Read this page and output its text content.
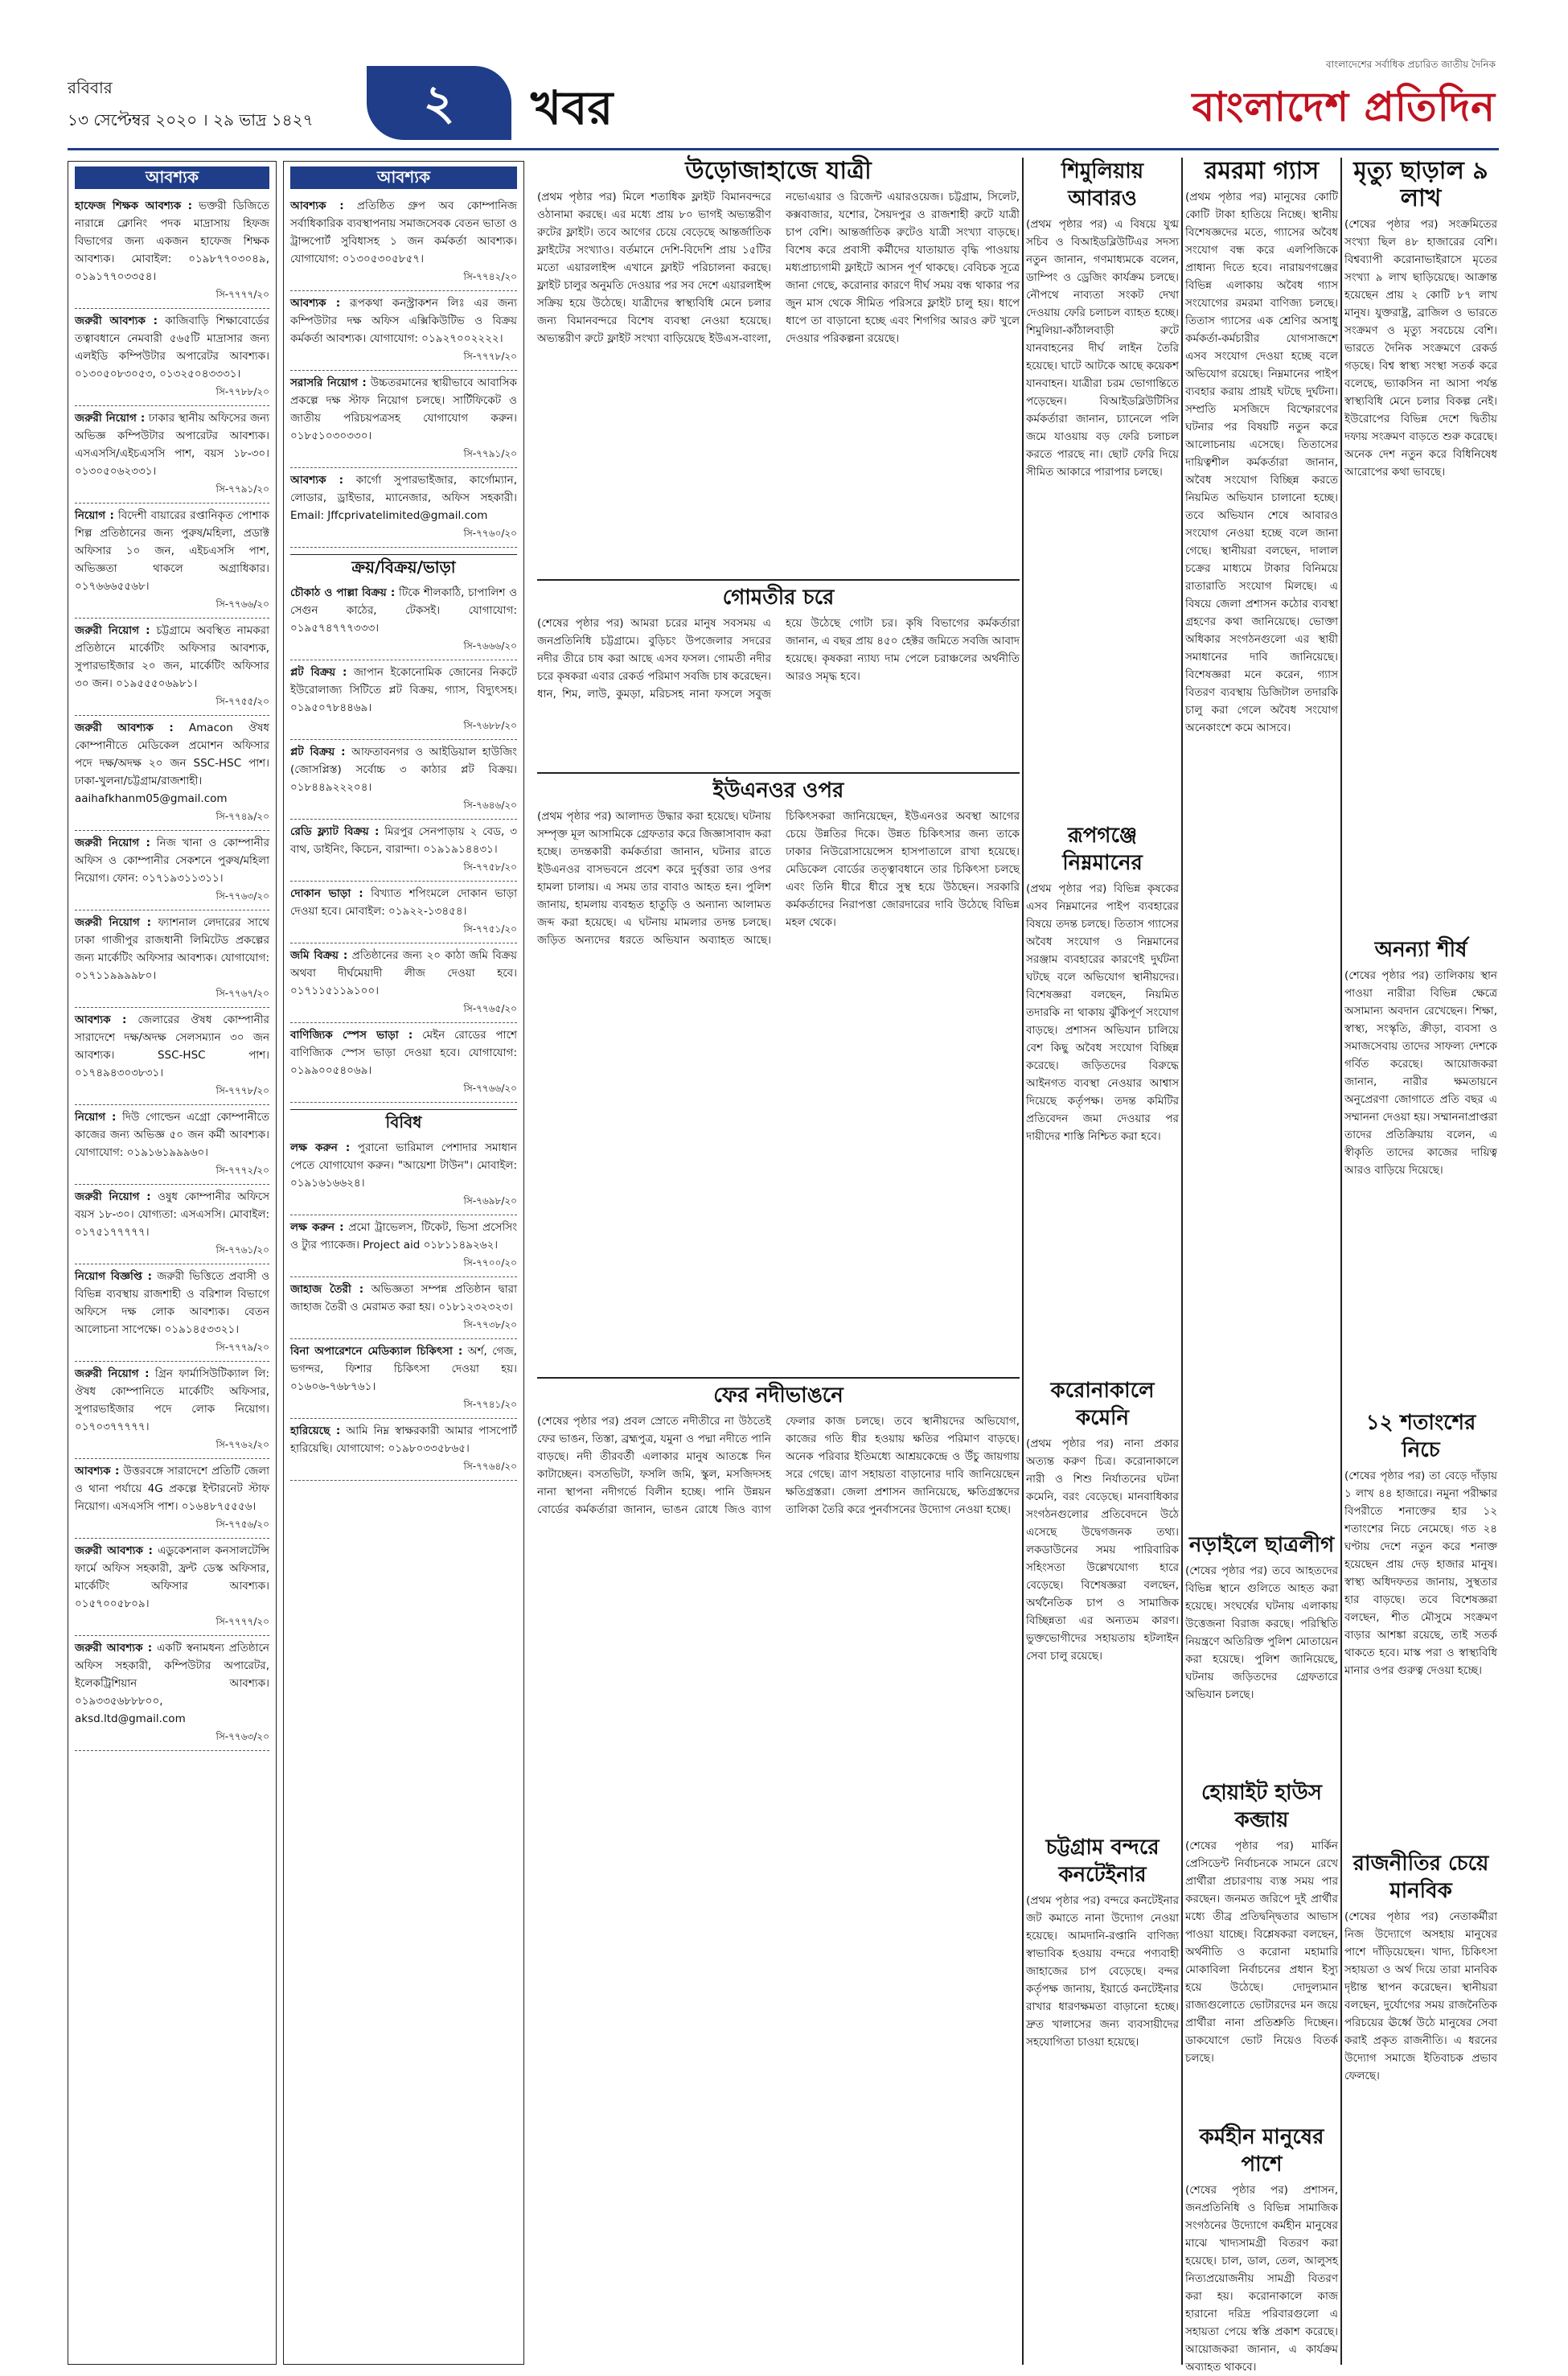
রবিবার
১৩ সেপ্টেম্বর ২০২০ । ২৯ ভাদ্র ১৪২৭	২	খবর
বাংলাদেশের সর্বাধিক প্রচারিত জাতীয় দৈনিক
বাংলাদেশ প্রতিদিন
আবশ্যক
হাফেজ শিক্ষক আবশ্যক : ভক্তরী ডিজিতে নারান্নে ক্লোনিং পদক মাদ্রাসায় হিফজ বিভাগের জন্য একজন হাফেজ শিক্ষক আবশ্যক। মোবাইল: ০১৯৮৭৭০৩০৪৯, ০১৯১৭৭০৩৩৫৪।
সি-৭৭৭৭/২০
জরুরী আবশ্যক : কাজিবাড়ি শিক্ষাবোর্ডের তত্বাবধানে নেমবারী ৫৬৫টি মাদ্রাসার জন্য এলইডি কম্পিউটার অপারেটর আবশ্যক। ০১৩০৫০৮৩০৫৩, ০১৩২৫০৪৩৩৩১।
সি-৭৭৮৮/২০
জরুরী নিয়োগ : ঢাকার স্থানীয় অফিসের জন্য অভিজ্ঞ কম্পিউটার অপারেটর আবশ্যক। এসএসসি/এইচএসসি পাশ, বয়স ১৮-৩০। ০১৩০৫০৬২৩৩১।
সি-৭৭৯১/২০
নিয়োগ : বিদেশী বায়ারের রপ্তানিকৃত পোশাক শিল্প প্রতিষ্ঠানের জন্য পুরুষ/মহিলা, প্রডাক্ট অফিসার ১০ জন, এইচএসসি পাশ, অভিজ্ঞতা থাকলে অগ্রাধিকার। ০১৭৬৬৬৫৫৬৮।
সি-৭৭৬৬/২০
জরুরী নিয়োগ : চট্টগ্রামে অবস্থিত নামকরা প্রতিষ্ঠানে মার্কেটিং অফিসার আবশ্যক, সুপারভাইজার ২০ জন, মার্কেটিং অফিসার ৩০ জন। ০১৯৫৫৫০৬৯৮১।
সি-৭৭৫৫/২০
জরুরী আবশ্যক : Amacon ঔষধ কোম্পানীতে মেডিকেল প্রমোশন অফিসার পদে দক্ষ/অদক্ষ ২০ জন SSC-HSC পাশ। ঢাকা-খুলনা/চট্টগ্রাম/রাজশাহী। aaihafkhanm05@gmail.com
সি-৭৭৪৯/২০
জরুরী নিয়োগ : নিজ খানা ও কোম্পানীর অফিস ও কোম্পানীর সেকশনে পুরুষ/মহিলা নিয়োগ। ফোন: ০১৭১৯৩১১৩১১।
সি-৭৭৬৩/২০
জরুরী নিয়োগ : ফ্যাশনাল লেদারের সাথে ঢাকা গাজীপুর রাজধানী লিমিটেড প্রকল্পের জন্য মার্কেটিং অফিসার আবশ্যক। যোগাযোগ: ০১৭১১৯৯৯৯৮০।
সি-৭৭৬৭/২০
আবশ্যক : জেলারের ঔষধ কোম্পানীর সারাদেশে দক্ষ/অদক্ষ সেলসম্যান ৩০ জন আবশ্যক। SSC-HSC পাশ। ০১৭৪৯৪৩০৩৮৩১।
সি-৭৭৭৮/২০
নিয়োগ : দিউ গোল্ডেন এগ্রো কোম্পানীতে কাজের জন্য অভিজ্ঞ ৫০ জন কর্মী আবশ্যক। যোগাযোগ: ০১৯১৬১৯৯৯৬০।
সি-৭৭৭২/২০
জরুরী নিয়োগ : ওষুধ কোম্পানীর অফিসে বয়স ১৮-৩০। যোগ্যতা: এসএসসি। মোবাইল: ০১৭৫১৭৭৭৭৭।
সি-৭৭৬১/২০
নিয়োগ বিজ্ঞপ্তি : জরুরী ভিত্তিতে প্রবাসী ও বিভিন্ন ব্যবস্থায় রাজশাহী ও বরিশাল বিভাগে অফিসে দক্ষ লোক আবশ্যক। বেতন আলোচনা সাপেক্ষে। ০১৯১৪৫৩৩২১।
সি-৭৭৭৯/২০
জরুরী নিয়োগ : গ্রিন ফার্মাসিউটিক্যাল লি: ঔষধ কোম্পানিতে মার্কেটিং অফিসার, সুপারভাইজার পদে লোক নিয়োগ। ০১৭০৩৭৭৭৭৭।
সি-৭৭৬২/২০
আবশ্যক : উত্তরবঙ্গে সারাদেশে প্রতিটি জেলা ও থানা পর্যায়ে 4G প্রকল্পে ইন্টারনেট স্টাফ নিয়োগ। এসএসসি পাশ। ০১৬৪৮৭৫৫৫৬।
সি-৭৭৫৬/২০
জরুরী আবশ্যক : এডুকেশনাল কনসালটেন্সি ফার্মে অফিস সহকারী, ফ্রন্ট ডেস্ক অফিসার, মার্কেটিং অফিসার আবশ্যক। ০১৫৭০০৫৮০৯।
সি-৭৭৭৭/২০
জরুরী আবশ্যক : একটি স্বনামধন্য প্রতিষ্ঠানে অফিস সহকারী, কম্পিউটার অপারেটর, ইলেকট্রিশিয়ান আবশ্যক। ০১৯৩৩৫৬৮৮৮০০, aksd.ltd@gmail.com
সি-৭৭৬৩/২০
আবশ্যক
আবশ্যক : প্রতিষ্ঠিত গ্রুপ অব কোম্পানিজ সর্বাধিকারিক ব্যবস্থাপনায় সমাজসেবক বেতন ভাতা ও ট্রান্সপোর্ট সুবিধাসহ ১ জন কর্মকর্তা আবশ্যক। যোগাযোগ: ০১৩০৫৩০৫৮৫৭।
সি-৭৭৪২/২০
আবশ্যক : রূপকথা কনস্ট্রাকশন লিঃ এর জন্য কম্পিউটার দক্ষ অফিস এক্সিকিউটিভ ও বিক্রয় কর্মকর্তা আবশ্যক। যোগাযোগ: ০১৯২৭০০২২২২।
সি-৭৭৭৮/২০
সরাসরি নিয়োগ : উচ্চতরমানের স্থায়ীভাবে আবাসিক প্রকল্পে দক্ষ স্টাফ নিয়োগ চলছে। সার্টিফিকেট ও জাতীয় পরিচয়পত্রসহ যোগাযোগ করুন। ০১৮৫১০৩০৩৩০।
সি-৭৭৯১/২০
আবশ্যক : কার্গো সুপারভাইজার, কার্গোম্যান, লোডার, ড্রাইভার, ম্যানেজার, অফিস সহকারী। Email: Jffcprivatelimited@gmail.com
সি-৭৭৬০/২০
ক্রয়/বিক্রয়/ভাড়া
চৌকাঠ ও পাল্লা বিক্রয় : টিকে শীলকাঠি, চাপালিশ ও সেগুন কাঠের, টেকসই। যোগাযোগ: ০১৯৫৭৪৭৭৭৩৩৩।
সি-৭৬৬৬/২০
প্লট বিক্রয় : জাপান ইকোনোমিক জোনের নিকটে ইউরোলাজ্য সিটিতে প্লট বিক্রয়, গ্যাস, বিদ্যুৎসহ। ০১৯৫০৭৮৪৪৬৯।
সি-৭৬৮৮/২০
প্লট বিক্রয় : আফতাবনগর ও আইডিয়াল হাউজিং (জোসপ্লিস্ত) সর্বোচ্চ ৩ কাঠার প্লট বিক্রয়। ০১৮৪৪৯২২২০৪।
সি-৭৬৪৬/২০
রেডি ফ্ল্যাট বিক্রয় : মিরপুর সেনপাড়ায় ২ বেড, ৩ বাথ, ডাইনিং, কিচেন, বারান্দা। ০১৯১৯১৪৪৩১।
সি-৭৭৫৮/২০
দোকান ভাড়া : বিখ্যাত শপিংমলে দোকান ভাড়া দেওয়া হবে। মোবাইল: ০১৯২২-১৩৪৫৪।
সি-৭৭৫১/২০
জমি বিক্রয় : প্রতিষ্ঠানের জন্য ২০ কাঠা জমি বিক্রয় অথবা দীর্ঘমেয়াদী লীজ দেওয়া হবে। ০১৭১১৫১১৯১০০।
সি-৭৭৬৫/২০
বাণিজ্যিক স্পেস ভাড়া : মেইন রোডের পাশে বাণিজ্যিক স্পেস ভাড়া দেওয়া হবে। যোগাযোগ: ০১৯৯০০৫৪০৬৯।
সি-৭৭৬৬/২০
বিবিধ
লক্ষ করুন : পুরানো ভারিমাল পেশাদার সমাধান পেতে যোগাযোগ করুন। "আয়েশা টাউন"। মোবাইল: ০১৯১৬১৬৬২৪।
সি-৭৬৯৮/২০
লক্ষ করুন : প্রমো ট্রাভেলস, টিকেট, ভিসা প্রসেসিং ও ট্যুর প্যাকেজ। Project aid ০১৮১১৪৯২৬২।
সি-৭৭০০/২০
জাহাজ তৈরী : অভিজ্ঞতা সম্পন্ন প্রতিষ্ঠান দ্বারা জাহাজ তৈরী ও মেরামত করা হয়। ০১৮১২৩২৩২৩।
সি-৭৭৩৮/২০
বিনা অপারেশনে মেডিক্যাল চিকিৎসা : অর্শ, গেজ, ভগন্দর, ফিশার চিকিৎসা দেওয়া হয়। ০১৬০৬-৭৬৮৭৬১।
সি-৭৭৪১/২০
হারিয়েছে : আমি নিম্ন স্বাক্ষরকারী আমার পাসপোর্ট হারিয়েছি। যোগাযোগ: ০১৯৮০৩৩৫৮৬৫।
সি-৭৭৬৪/২০
উড়োজাহাজে যাত্রী
(প্রথম পৃষ্ঠার পর) মিলে শতাধিক ফ্লাইট বিমানবন্দরে ওঠানামা করছে। এর মধ্যে প্রায় ৮০ ভাগই অভ্যন্তরীণ রুটের ফ্লাইট। তবে আগের চেয়ে বেড়েছে আন্তর্জাতিক ফ্লাইটের সংখ্যাও। বর্তমানে দেশি-বিদেশি প্রায় ১৫টির মতো এয়ারলাইন্স এখানে ফ্লাইট পরিচালনা করছে। ফ্লাইট চালুর অনুমতি দেওয়ার পর সব দেশে এয়ারলাইন্স সক্রিয় হয়ে উঠেছে। যাত্রীদের স্বাস্থ্যবিধি মেনে চলার জন্য বিমানবন্দরে বিশেষ ব্যবস্থা নেওয়া হয়েছে। অভ্যন্তরীণ রুটে ফ্লাইট সংখ্যা বাড়িয়েছে ইউএস-বাংলা, নভোএয়ার ও রিজেন্ট এয়ারওয়েজ। চট্টগ্রাম, সিলেট, কক্সবাজার, যশোর, সৈয়দপুর ও রাজশাহী রুটে যাত্রী চাপ বেশি। আন্তর্জাতিক রুটেও যাত্রী সংখ্যা বাড়ছে। বিশেষ করে প্রবাসী কর্মীদের যাতায়াত বৃদ্ধি পাওয়ায় মধ্যপ্রাচ্যগামী ফ্লাইটে আসন পূর্ণ থাকছে। বেবিচক সূত্রে জানা গেছে, করোনার কারণে দীর্ঘ সময় বন্ধ থাকার পর জুন মাস থেকে সীমিত পরিসরে ফ্লাইট চালু হয়। ধাপে ধাপে তা বাড়ানো হচ্ছে এবং শিগগির আরও রুট খুলে দেওয়ার পরিকল্পনা রয়েছে।
গোমতীর চরে
(শেষের পৃষ্ঠার পর) আমরা চরের মানুষ সবসময় এ জনপ্রতিনিধি চট্টগ্রামে। বুড়িচং উপজেলার সদরের নদীর তীরে চাষ করা আছে এসব ফসল। গোমতী নদীর চরে কৃষকরা এবার রেকর্ড পরিমাণ সবজি চাষ করেছেন। ধান, শিম, লাউ, কুমড়া, মরিচসহ নানা ফসলে সবুজ হয়ে উঠেছে গোটা চর। কৃষি বিভাগের কর্মকর্তারা জানান, এ বছর প্রায় ৪৫০ হেক্টর জমিতে সবজি আবাদ হয়েছে। কৃষকরা ন্যায্য দাম পেলে চরাঞ্চলের অর্থনীতি আরও সমৃদ্ধ হবে।
ইউএনওর ওপর
(প্রথম পৃষ্ঠার পর) আলাদত উদ্ধার করা হয়েছে। ঘটনায় সম্পৃক্ত মূল আসামিকে গ্রেফতার করে জিজ্ঞাসাবাদ করা হচ্ছে। তদন্তকারী কর্মকর্তারা জানান, ঘটনার রাতে ইউএনওর বাসভবনে প্রবেশ করে দুর্বৃত্তরা তার ওপর হামলা চালায়। এ সময় তার বাবাও আহত হন। পুলিশ জানায়, হামলায় ব্যবহৃত হাতুড়ি ও অন্যান্য আলামত জব্দ করা হয়েছে। এ ঘটনায় মামলার তদন্ত চলছে। জড়িত অন্যদের ধরতে অভিযান অব্যাহত আছে। চিকিৎসকরা জানিয়েছেন, ইউএনওর অবস্থা আগের চেয়ে উন্নতির দিকে। উন্নত চিকিৎসার জন্য তাকে ঢাকার নিউরোসায়েন্সেস হাসপাতালে রাখা হয়েছে। মেডিকেল বোর্ডের তত্ত্বাবধানে তার চিকিৎসা চলছে এবং তিনি ধীরে ধীরে সুস্থ হয়ে উঠছেন। সরকারি কর্মকর্তাদের নিরাপত্তা জোরদারের দাবি উঠেছে বিভিন্ন মহল থেকে।
ফের নদীভাঙনে
(শেষের পৃষ্ঠার পর) প্রবল স্রোতে নদীতীরে না উঠতেই ফের ভাঙন, তিস্তা, ব্রহ্মপুত্র, যমুনা ও পদ্মা নদীতে পানি বাড়ছে। নদী তীরবর্তী এলাকার মানুষ আতঙ্কে দিন কাটাচ্ছেন। বসতভিটা, ফসলি জমি, স্কুল, মসজিদসহ নানা স্থাপনা নদীগর্ভে বিলীন হচ্ছে। পানি উন্নয়ন বোর্ডের কর্মকর্তারা জানান, ভাঙন রোধে জিও ব্যাগ ফেলার কাজ চলছে। তবে স্থানীয়দের অভিযোগ, কাজের গতি ধীর হওয়ায় ক্ষতির পরিমাণ বাড়ছে। অনেক পরিবার ইতিমধ্যে আশ্রয়কেন্দ্রে ও উঁচু জায়গায় সরে গেছে। ত্রাণ সহায়তা বাড়ানোর দাবি জানিয়েছেন ক্ষতিগ্রস্তরা। জেলা প্রশাসন জানিয়েছে, ক্ষতিগ্রস্তদের তালিকা তৈরি করে পুনর্বাসনের উদ্যোগ নেওয়া হচ্ছে।
শিমুলিয়ায় আবারও
(প্রথম পৃষ্ঠার পর) এ বিষয়ে যুগ্ম সচিব ও বিআইডব্লিউটিএর সদস্য নতুন জানান, গণমাধ্যমকে বলেন, ডাম্পিং ও ড্রেজিং কার্যক্রম চলছে। নৌপথে নাব্যতা সংকট দেখা দেওয়ায় ফেরি চলাচল ব্যাহত হচ্ছে। শিমুলিয়া-কাঁঠালবাড়ী রুটে যানবাহনের দীর্ঘ লাইন তৈরি হয়েছে। ঘাটে আটকে আছে কয়েকশ যানবাহন। যাত্রীরা চরম ভোগান্তিতে পড়েছেন। বিআইডব্লিউটিসির কর্মকর্তারা জানান, চ্যানেলে পলি জমে যাওয়ায় বড় ফেরি চলাচল করতে পারছে না। ছোট ফেরি দিয়ে সীমিত আকারে পারাপার চলছে।
রূপগঞ্জে নিম্নমানের
(প্রথম পৃষ্ঠার পর) বিভিন্ন কৃষকের এসব নিম্নমানের পাইপ ব্যবহারের বিষয়ে তদন্ত চলছে। তিতাস গ্যাসের অবৈধ সংযোগ ও নিম্নমানের সরঞ্জাম ব্যবহারের কারণেই দুর্ঘটনা ঘটছে বলে অভিযোগ স্থানীয়দের। বিশেষজ্ঞরা বলছেন, নিয়মিত তদারকি না থাকায় ঝুঁকিপূর্ণ সংযোগ বাড়ছে। প্রশাসন অভিযান চালিয়ে বেশ কিছু অবৈধ সংযোগ বিচ্ছিন্ন করেছে। জড়িতদের বিরুদ্ধে আইনগত ব্যবস্থা নেওয়ার আশ্বাস দিয়েছে কর্তৃপক্ষ। তদন্ত কমিটির প্রতিবেদন জমা দেওয়ার পর দায়ীদের শাস্তি নিশ্চিত করা হবে।
করোনাকালে কমেনি
(প্রথম পৃষ্ঠার পর) নানা প্রকার অত্যন্ত করুণ চিত্র। করোনাকালে নারী ও শিশু নির্যাতনের ঘটনা কমেনি, বরং বেড়েছে। মানবাধিকার সংগঠনগুলোর প্রতিবেদনে উঠে এসেছে উদ্বেগজনক তথ্য। লকডাউনের সময় পারিবারিক সহিংসতা উল্লেখযোগ্য হারে বেড়েছে। বিশেষজ্ঞরা বলছেন, অর্থনৈতিক চাপ ও সামাজিক বিচ্ছিন্নতা এর অন্যতম কারণ। ভুক্তভোগীদের সহায়তায় হটলাইন সেবা চালু রয়েছে।
চট্টগ্রাম বন্দরে কনটেইনার
(প্রথম পৃষ্ঠার পর) বন্দরে কনটেইনার জট কমাতে নানা উদ্যোগ নেওয়া হয়েছে। আমদানি-রপ্তানি বাণিজ্য স্বাভাবিক হওয়ায় বন্দরে পণ্যবাহী জাহাজের চাপ বেড়েছে। বন্দর কর্তৃপক্ষ জানায়, ইয়ার্ডে কনটেইনার রাখার ধারণক্ষমতা বাড়ানো হচ্ছে। দ্রুত খালাসের জন্য ব্যবসায়ীদের সহযোগিতা চাওয়া হয়েছে।
রমরমা গ্যাস
(প্রথম পৃষ্ঠার পর) মানুষের কোটি কোটি টাকা হাতিয়ে নিচ্ছে। স্থানীয় বিশেষজ্ঞদের মতে, গ্যাসের অবৈধ সংযোগ বন্ধ করে এলপিজিকে প্রাধান্য দিতে হবে। নারায়ণগঞ্জের বিভিন্ন এলাকায় অবৈধ গ্যাস সংযোগের রমরমা বাণিজ্য চলছে। তিতাস গ্যাসের এক শ্রেণির অসাধু কর্মকর্তা-কর্মচারীর যোগসাজশে এসব সংযোগ দেওয়া হচ্ছে বলে অভিযোগ রয়েছে। নিম্নমানের পাইপ ব্যবহার করায় প্রায়ই ঘটছে দুর্ঘটনা। সম্প্রতি মসজিদে বিস্ফোরণের ঘটনার পর বিষয়টি নতুন করে আলোচনায় এসেছে। তিতাসের দায়িত্বশীল কর্মকর্তারা জানান, অবৈধ সংযোগ বিচ্ছিন্ন করতে নিয়মিত অভিযান চালানো হচ্ছে। তবে অভিযান শেষে আবারও সংযোগ নেওয়া হচ্ছে বলে জানা গেছে। স্থানীয়রা বলছেন, দালাল চক্রের মাধ্যমে টাকার বিনিময়ে রাতারাতি সংযোগ মিলছে। এ বিষয়ে জেলা প্রশাসন কঠোর ব্যবস্থা গ্রহণের কথা জানিয়েছে। ভোক্তা অধিকার সংগঠনগুলো এর স্থায়ী সমাধানের দাবি জানিয়েছে। বিশেষজ্ঞরা মনে করেন, গ্যাস বিতরণ ব্যবস্থায় ডিজিটাল তদারকি চালু করা গেলে অবৈধ সংযোগ অনেকাংশে কমে আসবে।
নড়াইলে ছাত্রলীগ
(শেষের পৃষ্ঠার পর) তবে আহতদের বিভিন্ন স্থানে গুলিতে আহত করা হয়েছে। সংঘর্ষের ঘটনায় এলাকায় উত্তেজনা বিরাজ করছে। পরিস্থিতি নিয়ন্ত্রণে অতিরিক্ত পুলিশ মোতায়েন করা হয়েছে। পুলিশ জানিয়েছে, ঘটনায় জড়িতদের গ্রেফতারে অভিযান চলছে।
হোয়াইট হাউস কব্জায়
(শেষের পৃষ্ঠার পর) মার্কিন প্রেসিডেন্ট নির্বাচনকে সামনে রেখে প্রার্থীরা প্রচারণায় ব্যস্ত সময় পার করছেন। জনমত জরিপে দুই প্রার্থীর মধ্যে তীব্র প্রতিদ্বন্দ্বিতার আভাস পাওয়া যাচ্ছে। বিশ্লেষকরা বলছেন, অর্থনীতি ও করোনা মহামারি মোকাবিলা নির্বাচনের প্রধান ইস্যু হয়ে উঠেছে। দোদুল্যমান রাজ্যগুলোতে ভোটারদের মন জয়ে প্রার্থীরা নানা প্রতিশ্রুতি দিচ্ছেন। ডাকযোগে ভোট নিয়েও বিতর্ক চলছে।
কর্মহীন মানুষের পাশে
(শেষের পৃষ্ঠার পর) প্রশাসন, জনপ্রতিনিধি ও বিভিন্ন সামাজিক সংগঠনের উদ্যোগে কর্মহীন মানুষের মাঝে খাদ্যসামগ্রী বিতরণ করা হয়েছে। চাল, ডাল, তেল, আলুসহ নিত্যপ্রয়োজনীয় সামগ্রী বিতরণ করা হয়। করোনাকালে কাজ হারানো দরিদ্র পরিবারগুলো এ সহায়তা পেয়ে স্বস্তি প্রকাশ করেছে। আয়োজকরা জানান, এ কার্যক্রম অব্যাহত থাকবে।
মৃত্যু ছাড়াল ৯ লাখ
(শেষের পৃষ্ঠার পর) সংক্রমিতের সংখ্যা ছিল ৪৮ হাজারের বেশি। বিশ্বব্যাপী করোনাভাইরাসে মৃতের সংখ্যা ৯ লাখ ছাড়িয়েছে। আক্রান্ত হয়েছেন প্রায় ২ কোটি ৮৭ লাখ মানুষ। যুক্তরাষ্ট্র, ব্রাজিল ও ভারতে সংক্রমণ ও মৃত্যু সবচেয়ে বেশি। ভারতে দৈনিক সংক্রমণে রেকর্ড গড়ছে। বিশ্ব স্বাস্থ্য সংস্থা সতর্ক করে বলেছে, ভ্যাকসিন না আসা পর্যন্ত স্বাস্থ্যবিধি মেনে চলার বিকল্প নেই। ইউরোপের বিভিন্ন দেশে দ্বিতীয় দফায় সংক্রমণ বাড়তে শুরু করেছে। অনেক দেশ নতুন করে বিধিনিষেধ আরোপের কথা ভাবছে।
অনন্যা শীর্ষ
(শেষের পৃষ্ঠার পর) তালিকায় স্থান পাওয়া নারীরা বিভিন্ন ক্ষেত্রে অসামান্য অবদান রেখেছেন। শিক্ষা, স্বাস্থ্য, সংস্কৃতি, ক্রীড়া, ব্যবসা ও সমাজসেবায় তাদের সাফল্য দেশকে গর্বিত করেছে। আয়োজকরা জানান, নারীর ক্ষমতায়নে অনুপ্রেরণা জোগাতে প্রতি বছর এ সম্মাননা দেওয়া হয়। সম্মাননাপ্রাপ্তরা তাদের প্রতিক্রিয়ায় বলেন, এ স্বীকৃতি তাদের কাজের দায়িত্ব আরও বাড়িয়ে দিয়েছে।
১২ শতাংশের নিচে
(শেষের পৃষ্ঠার পর) তা বেড়ে দাঁড়ায় ১ লাখ ৪৪ হাজারে। নমুনা পরীক্ষার বিপরীতে শনাক্তের হার ১২ শতাংশের নিচে নেমেছে। গত ২৪ ঘণ্টায় দেশে নতুন করে শনাক্ত হয়েছেন প্রায় দেড় হাজার মানুষ। স্বাস্থ্য অধিদফতর জানায়, সুস্থতার হার বাড়ছে। তবে বিশেষজ্ঞরা বলছেন, শীত মৌসুমে সংক্রমণ বাড়ার আশঙ্কা রয়েছে, তাই সতর্ক থাকতে হবে। মাস্ক পরা ও স্বাস্থ্যবিধি মানার ওপর গুরুত্ব দেওয়া হচ্ছে।
রাজনীতির চেয়ে মানবিক
(শেষের পৃষ্ঠার পর) নেতাকর্মীরা নিজ উদ্যোগে অসহায় মানুষের পাশে দাঁড়িয়েছেন। খাদ্য, চিকিৎসা সহায়তা ও অর্থ দিয়ে তারা মানবিক দৃষ্টান্ত স্থাপন করেছেন। স্থানীয়রা বলছেন, দুর্যোগের সময় রাজনৈতিক পরিচয়ের ঊর্ধ্বে উঠে মানুষের সেবা করাই প্রকৃত রাজনীতি। এ ধরনের উদ্যোগ সমাজে ইতিবাচক প্রভাব ফেলছে।
